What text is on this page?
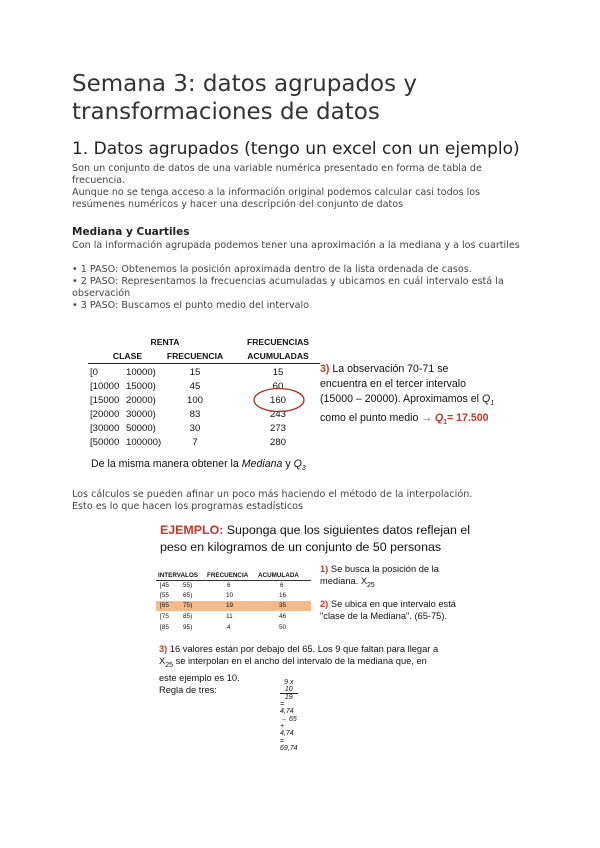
Semana 3: datos agrupados y transformaciones de datos
1. Datos agrupados (tengo un excel con un ejemplo)

Son un conjunto de datos de una variable numérica presentado en forma de tabla de frecuencia.

Aunque no se tenga acceso a la información original podemos calcular casi todos los resúmenes numéricos y hacer una descripción del conjunto de datos

Mediana y Cuartiles

Con la información agrupada podemos tener una aproximación a la mediana y a los cuartiles

• 1 PASO: Obtenemos la posición aproximada dentro de la lista ordenada de casos.

• 2 PASO: Representamos la frecuencias acumuladas y ubicamos en cuál intervalo está la observación

• 3 PASO: Buscamos el punto medio del intervalo

RENTA
CLASE	FRECUENCIA
FRECUENCIAS
ACUMULADAS
[0	10000)	15	15
[10000 15000)	45	60
[15000 20000)	100	160
[20000 30000)	83	243
[30000 50000)	30	273
[50000 100000)	7	280
3) La observación 70-71 se
encuentra en el tercer intervalo
(15000 – 20000). Aproximamos el $Q_1$
como el punto medio → $Q_1= 17.500$
De la misma manera obtener la Mediana y $Q_3$

Los cálculos se pueden afinar un poco más haciendo el método de la interpolación.

Esto es lo que hacen los programas estadísticos

EJEMPLO: Suponga que los siguientes datos reflejan el
peso en kilogramos de un conjunto de 50 personas
INTERVALOS FRECUENCIA ACUMULADA
[45 55)	6	6
[55 65)	10	16
[65 75)	19	35
[75 85)	11	46
[85 95)	4	50
1) Se busca la posición de la
mediana. $X_{25}$
2) Se ubica en que intervalo está
"clase de la Mediana". (65-75).
3) 16 valores están por debajo del 65. Los 9 que faltan para llegar a
$X_{25}$ se interpolan en el ancho del intervalo de la mediana que, en
este ejemplo es 10.
Regla de tres:	$\frac{9 x 10}{19}$
= 4,74 → 65 + 4,74 = 69,74
